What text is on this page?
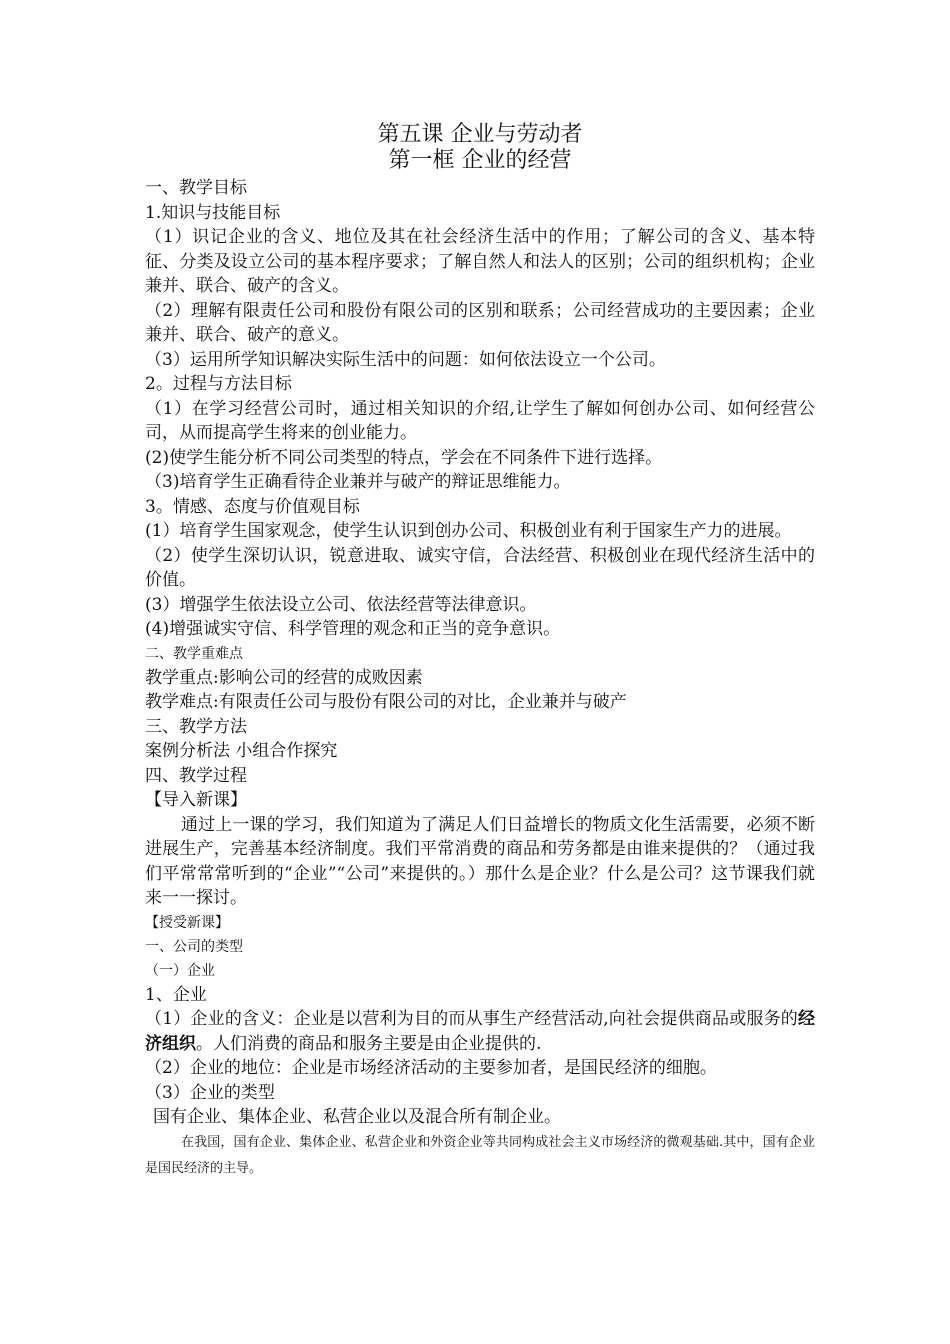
第五课 企业与劳动者
第一框 企业的经营
一、教学目标
1.知识与技能目标
（1）识记企业的含义、地位及其在社会经济生活中的作用；了解公司的含义、基本特征、分类及设立公司的基本程序要求；了解自然人和法人的区别；公司的组织机构；企业兼并、联合、破产的含义。
（2）理解有限责任公司和股份有限公司的区别和联系；公司经营成功的主要因素；企业兼并、联合、破产的意义。
（3）运用所学知识解决实际生活中的问题：如何依法设立一个公司。
2。过程与方法目标
（1）在学习经营公司时，通过相关知识的介绍,让学生了解如何创办公司、如何经营公司，从而提高学生将来的创业能力。
(2)使学生能分析不同公司类型的特点，学会在不同条件下进行选择。
（3)培育学生正确看待企业兼并与破产的辩证思维能力。
3。情感、态度与价值观目标
(1）培育学生国家观念，使学生认识到创办公司、积极创业有利于国家生产力的进展。
（2）使学生深切认识，锐意进取、诚实守信，合法经营、积极创业在现代经济生活中的价值。
(3）增强学生依法设立公司、依法经营等法律意识。
(4)增强诚实守信、科学管理的观念和正当的竞争意识。
二、教学重难点
教学重点:影响公司的经营的成败因素
教学难点:有限责任公司与股份有限公司的对比，企业兼并与破产
三、教学方法
案例分析法 小组合作探究
四、教学过程
【导入新课】
通过上一课的学习，我们知道为了满足人们日益增长的物质文化生活需要，必须不断进展生产，完善基本经济制度。我们平常消费的商品和劳务都是由谁来提供的？（通过我们平常常常听到的“企业”“公司”来提供的。）那什么是企业？什么是公司？这节课我们就来一一探讨。
【授受新课】
一、公司的类型
（一）企业
1、企业
（1）企业的含义：企业是以营利为目的而从事生产经营活动,向社会提供商品或服务的经济组织。人们消费的商品和服务主要是由企业提供的.
（2）企业的地位：企业是市场经济活动的主要参加者，是国民经济的细胞。
（3）企业的类型
国有企业、集体企业、私营企业以及混合所有制企业。
在我国，国有企业、集体企业、私营企业和外资企业等共同构成社会主义市场经济的微观基础.其中，国有企业是国民经济的主导。
